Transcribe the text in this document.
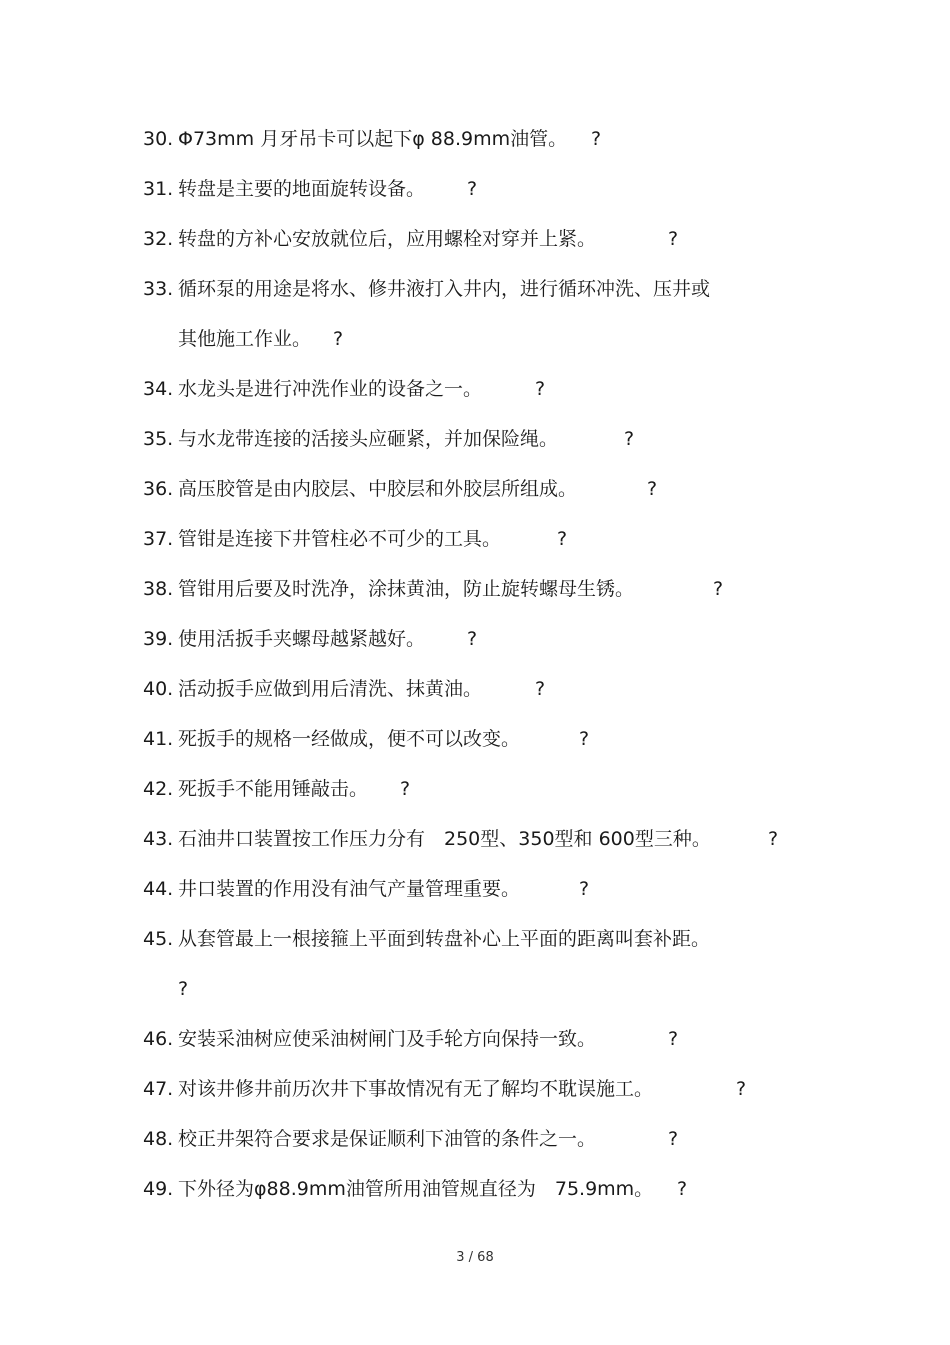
30. Φ73mm 月牙吊卡可以起下φ 88.9mm油管。 ?
31. 转盘是主要的地面旋转设备。 ?
32. 转盘的方补心安放就位后，应用螺栓对穿并上紧。	?
33. 循环泵的用途是将水、修井液打入井内，进行循环冲洗、压井或
其他施工作业。 ?
34. 水龙头是进行冲洗作业的设备之一。	?
35. 与水龙带连接的活接头应砸紧，并加保险绳。	?
36. 高压胶管是由内胶层、中胶层和外胶层所组成。	?
37. 管钳是连接下井管柱必不可少的工具。	?
38. 管钳用后要及时洗净，涂抹黄油，防止旋转螺母生锈。	?
39. 使用活扳手夹螺母越紧越好。 ?
40. 活动扳手应做到用后清洗、抹黄油。	?
41. 死扳手的规格一经做成，便不可以改变。	?
42. 死扳手不能用锤敲击。 ?
43. 石油井口装置按工作压力分有　250型、350型和 600型三种。	?
44. 井口装置的作用没有油气产量管理重要。	?
45. 从套管最上一根接箍上平面到转盘补心上平面的距离叫套补距。
?
46. 安装采油树应使采油树闸门及手轮方向保持一致。	?
47. 对该井修井前历次井下事故情况有无了解均不耽误施工。	?
48. 校正井架符合要求是保证顺利下油管的条件之一。	?
49. 下外径为φ88.9mm油管所用油管规直径为　75.9mm。 ?
3 / 68
